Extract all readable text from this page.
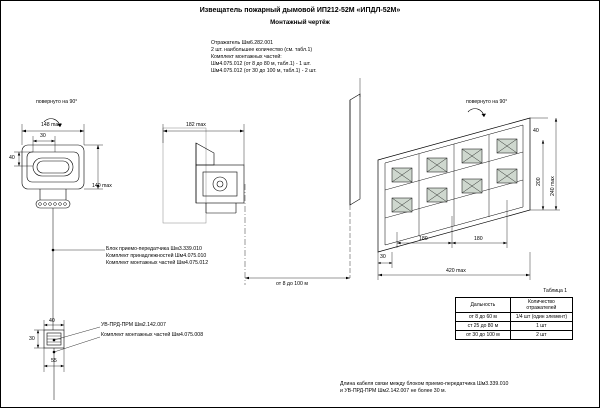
Извещатель пожарный дымовой ИП212-52М «ИПДЛ-52М»
Монтажный чертёж
повернуто на 90°
148 max
30
40
140 max
182 max
от 8 до 100 м
повернуто на 90°
180	180
420 max
30
40
200 240 max
40
30
55
Отражатель Шм6.282.001
2 шт. наибольшее количество (см. табл.1)
Комплект монтажных частей:
Шм4.075.012 (от 8 до 80 м, табл.1) - 1 шт.
Шм4.075.012 (от 30 до 100 м, табл.1) - 2 шт.
Блок приемо-передатчика Шм3.339.010
Комплект принадлежностей Шм4.075.010
Комплект монтажных частей Шм4.075.012
УВ-ПРД-ПРМ Шм2.142.007
Комплект монтажных частей Шм4.075.008
Таблица 1
Дальность	Количество отражателей
от 8 до 60 м	1/4 шт (один элемент)
ст 25 до 80 м	1 шт
от 30 до 100 м	2 шт
Длина кабеля связи между блоком приемо-передатчика Шм3.339.010
и УВ-ПРД-ПРМ Шм2.142.007 не более 30 м.
